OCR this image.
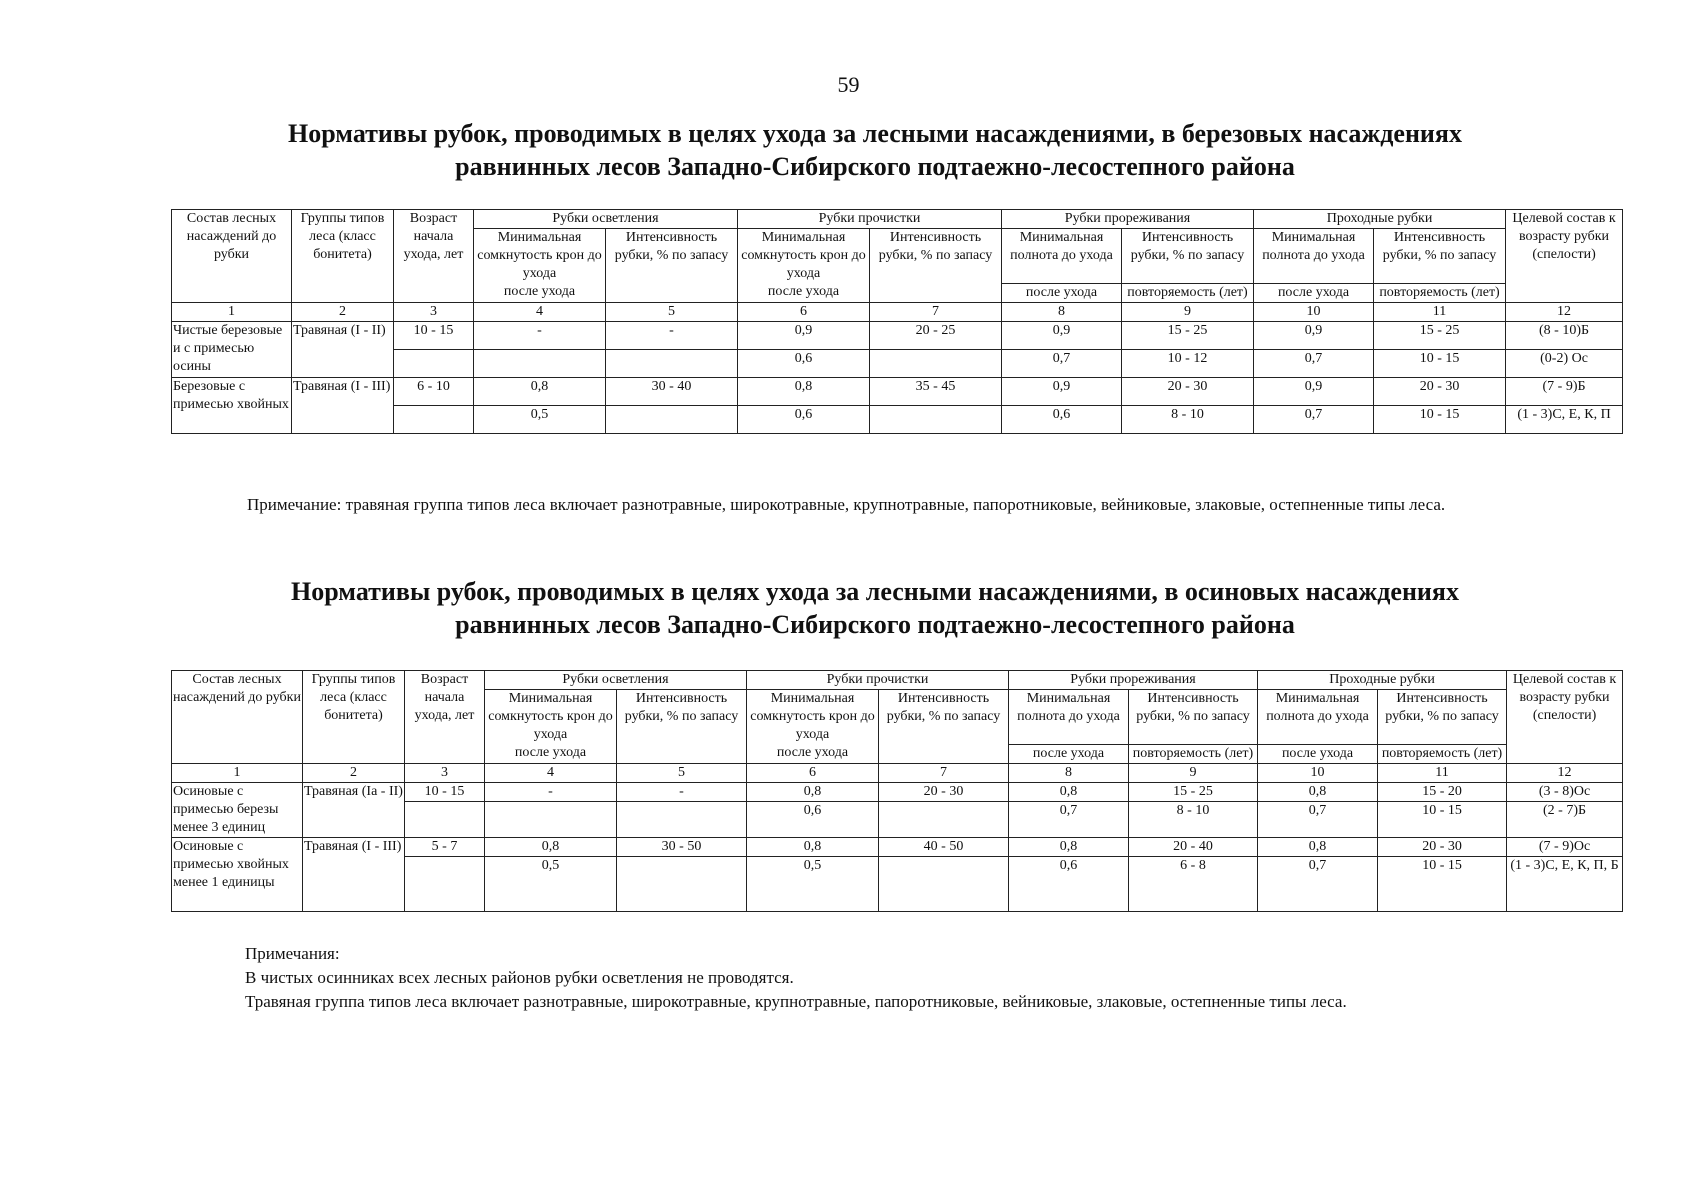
59
Нормативы рубок, проводимых в целях ухода за лесными насаждениями, в березовых насаждениях
равнинных лесов Западно-Сибирского подтаежно-лесостепного района
Состав лесных насаждений до рубки	Группы типов леса (класс бонитета)	Возраст начала ухода, лет	Рубки осветления		Рубки прочистки		Рубки прореживания		Проходные рубки		Целевой состав к возрасту рубки (спелости)
			Минимальная сомкнутость крон до ухода	Интенсивность рубки, % по запасу	Минимальная сомкнутость крон до ухода	Интенсивность рубки, % по запасу	Минимальная полнота до ухода	Интенсивность рубки, % по запасу	Минимальная полнота до ухода	Интенсивность рубки, % по запасу	
			после ухода		после ухода		после ухода	повторяемость (лет)	после ухода	повторяемость (лет)	

1	2	3	4	5	6	7	8	9	10	11	12
Чистые березовые и с примесью осины	Травяная (I - II)	10 - 15	-	-	0,9	20 - 25	0,9	15 - 25	0,9	15 - 25	(8 - 10)Б
					0,6		0,7	10 - 12	0,7	10 - 15	(0-2) Ос
Березовые с примесью хвойных	Травяная (I - III)	6 - 10	0,8	30 - 40	0,8	35 - 45	0,9	20 - 30	0,9	20 - 30	(7 - 9)Б
			0,5		0,6		0,6	8 - 10	0,7	10 - 15	(1 - 3)С, Е, К, П
Примечание: травяная группа типов леса включает разнотравные, широкотравные, крупнотравные, папоротниковые, вейниковые, злаковые, остепненные типы леса.
Нормативы рубок, проводимых в целях ухода за лесными насаждениями, в осиновых насаждениях
равнинных лесов Западно-Сибирского подтаежно-лесостепного района
Состав лесных насаждений до рубки	Группы типов леса (класс бонитета)	Возраст начала ухода, лет	Рубки осветления		Рубки прочистки		Рубки прореживания		Проходные рубки		Целевой состав к возрасту рубки (спелости)
			Минимальная сомкнутость крон до ухода	Интенсивность рубки, % по запасу	Минимальная сомкнутость крон до ухода	Интенсивность рубки, % по запасу	Минимальная полнота до ухода	Интенсивность рубки, % по запасу	Минимальная полнота до ухода	Интенсивность рубки, % по запасу	
			после ухода		после ухода		после ухода	повторяемость (лет)	после ухода	повторяемость (лет)	

1	2	3	4	5	6	7	8	9	10	11	12
Осиновые с примесью березы менее 3 единиц	Травяная (Ia - II)	10 - 15	-	-	0,8	20 - 30	0,8	15 - 25	0,8	15 - 20	(3 - 8)Ос
					0,6		0,7	8 - 10	0,7	10 - 15	(2 - 7)Б
Осиновые с примесью хвойных менее 1 единицы	Травяная (I - III)	5 - 7	0,8	30 - 50	0,8	40 - 50	0,8	20 - 40	0,8	20 - 30	(7 - 9)Ос
			0,5		0,5		0,6	6 - 8	0,7	10 - 15	(1 - 3)С, Е, К, П, Б
Примечания:
В чистых осинниках всех лесных районов рубки осветления не проводятся.
Травяная группа типов леса включает разнотравные, широкотравные, крупнотравные, папоротниковые, вейниковые, злаковые, остепненные типы леса.
